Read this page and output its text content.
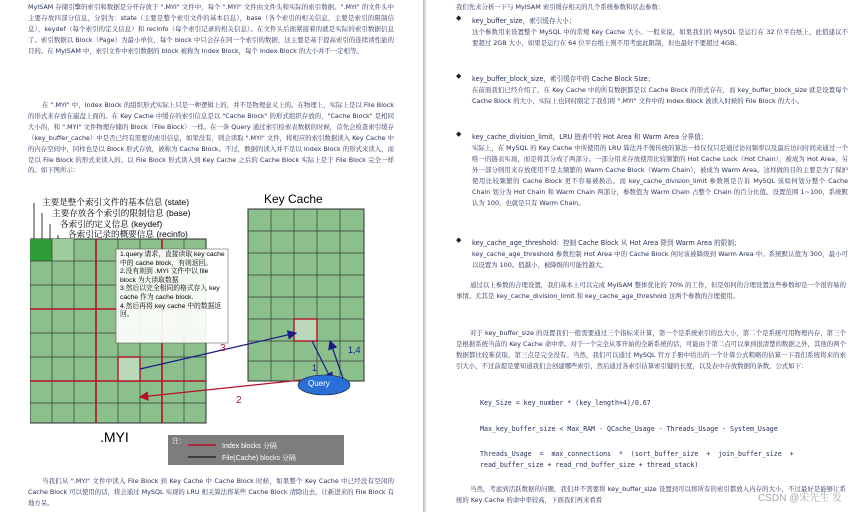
MyISAM 存储引擎的索引和数据是分开存放于 ".MYI" 文件中，每个 ".MYI" 文件由文件头和实际的索引数据。".MYI" 的文件头中主要存放四部分信息，分别为：state（主要是整个索引文件的基本信息），base（各个索引的相关信息，主要是索引的限制信息），keydef（每个索引的定义信息）和 recinfo（每个索引记录的相关信息）。在文件头后面紧接着的就是实际的索引数据信息了。索引数据以 Block（Page）为最小单位，每个 block 中只会存在同一个索引的数据，这主要是基于提高索引的连续读性能的目的。在 MyISAM 中，索引文件中索引数据的 block 被称为 Index Block，每个 Index Block 的大小并不一定相等。
在 ".MYI" 中，Index Block 的组织形式实际上只是一种逻辑上的，并不是物理意义上的。在物理上，实际上是以 File Block 的形式来存放在磁盘上面的。在 Key Cache 中缓存的索引信息是以 "Cache Block" 的形式组织存放的，"Cache Block" 是相同大小的，和 ".MYI" 文件物理存储的 Block（File Block）一样。在一条 Query 通过索引检索表数据的时候，首先会检查索引缓存（key_buffer_cache）中是否已经有需要的索引信息，如果没有，则会读取 ".MYI" 文件，将相应的索引数据读入 Key Cache 中的内存空间中，同样也是以 Block 形式存放，被称为 Cache Block。不过，数据的读入并不是以 Index Block 的形式来读入，而是以 File Block 的形式来读入的。以 File Block 形式读入到 Key Cache 之后的 Cache Block 实际上是于 File Block 完全一样的。如下图所示：
主要是整个索引文件的基本信息 (state)
主要存放各个索引的限制信息 (base)
各索引的定义信息 (keydef)
各索引记录的概要信息 (recinfo)
Key Cache
.MYI
Query
1.query 请求，直接读取 key cache 中的 cache block，有则返回。
2.没有则到 .MYI 文件中以 file block 为大读取数据
3.然后以完全相同的格式存入 key cache 作为 cache block.
4.然后再将 key cache 中的数据返回。
3
2
1,4
1
注：
Index blocks 分隔
File(Cache) blocks 分隔
当我们从 ".MYI" 文件中读入 File Block 到 Key Cache 中 Cache Block 时候，如果整个 Key Cache 中已经没有空闲的 Cache Block 可以使用的话，将会通过 MySQL 实现的 LRU 相关算法将某些 Cache Block 清除出去，让新进来的 File Block 有地方呆。
我们先来分析一下与 MyISAM 索引缓存相关的几个系统参数和状态参数：
◆ key_buffer_size，索引缓存大小；
这个参数用来设置整个 MySQL 中的常规 Key Cache 大小。一般来说，如果我们的 MySQL 是运行在 32 位平台纸上，此值建议不要超过 2GB 大小，如果是运行在 64 位平台纸上则不用考虑此限制，但也最好不要超过 4GB。
◆ key_buffer_block_size，索引缓存中的 Cache Block Size；
在前面我们已经介绍了，在 Key Cache 中的所有数据都是以 Cache Block 的形式存在，而 key_buffer_block_size 就是设置每个 Cache Block 的大小，实际上也同时限定了我们将 ".MYI" 文件中的 Index Block 被读入时候的 File Block 的大小。
◆ key_cache_division_limit，LRU 链表中的 Hot Area 和 Warm Area 分界值；
实际上，在 MySQL 的 Key Cache 中所使用的 LRU 算法并不像传统的算法一样仅仅只是通过访问频率以及最后访问时间来通过一个唯一的链表实现，而是将其分成了两部分。一部分用来存放使用比较频繁的 Hot Cache Lock（Hot Chain），被成为 Hot Area，另外一部分则用来存放使用不是太频繁的 Warm Cache Block（Warm Chain），被成为 Warm Area。这样做的目的主要是为了保护使用比较频繁的 Cache Block 更不容易被换出。而 key_cache_division_limit 参数则是告诉 MySQL 该如何划分整个 Cache Chain 划分为 Hot Chain 和 Warm Chain 两部分，参数值为 Warm Chain 占整个 Chain 的百分比值。设置范围 1~100，系统默认为 100，也就是只有 Warm Chain。
◆ key_cache_age_threshold：控制 Cache Block 从 Hot Area 降到 Warm Area 的限制；
key_cache_age_threshold 参数控制 Hot Area 中的 Cache Block 何时该被降级到 Warm Area 中。系统默认值为 300，最小可以设置为 100。值越小，被降级的可能性越大。
通过以上参数的合理设置，我们基本上可以完成 MyISAM 整体优化的 70% 的工作，但是如何的合理设置这些参数却是一个很容易的事情。尤其是 key_cache_division_limit 和 key_cache_age_threshold 这两个参数的合理使用。
对于 key_buffer_size 的设置我们一般需要通过三个指标来计算，第一个是系统索引的总大小，第二个是系统可用物理内存，第三个是根据系统当前的 Key Cache 命中率。对于一个完全从零开始的全新系统的话，可能由于第二点可以拿到很清楚的数据之外，其他的两个数据都比较难获取，第三点是完全没有。当然，我们可以通过 MySQL 官方手册中给出的一个计算公式粗略的估算一下我们系统将来的索引大小，不过前提是要知道我们会创建哪些索引，然后通过各索引估算索引键的长度，以及表中存放数据的条数，公式如下：
Key_Size = key_number * (key_length+4)/0.67
Max_key_buffer_size < Max_RAM - QCache_Usage - Threads_Usage - System_Usage
Threads_Usage  =  max_connections  *  (sort_buffer_size  +  join_buffer_size  +
read_buffer_size + read_rnd_buffer_size + thread_stack)
当然，考虑到活跃数据的问题，我们并不需要将 key_buffer_size 设置到可以将所有的索引都放入内存的大小，不过最好是能够让系统的 Key Cache 的命中率较高，下面我们再来看看	CSDN @宋先生 发
